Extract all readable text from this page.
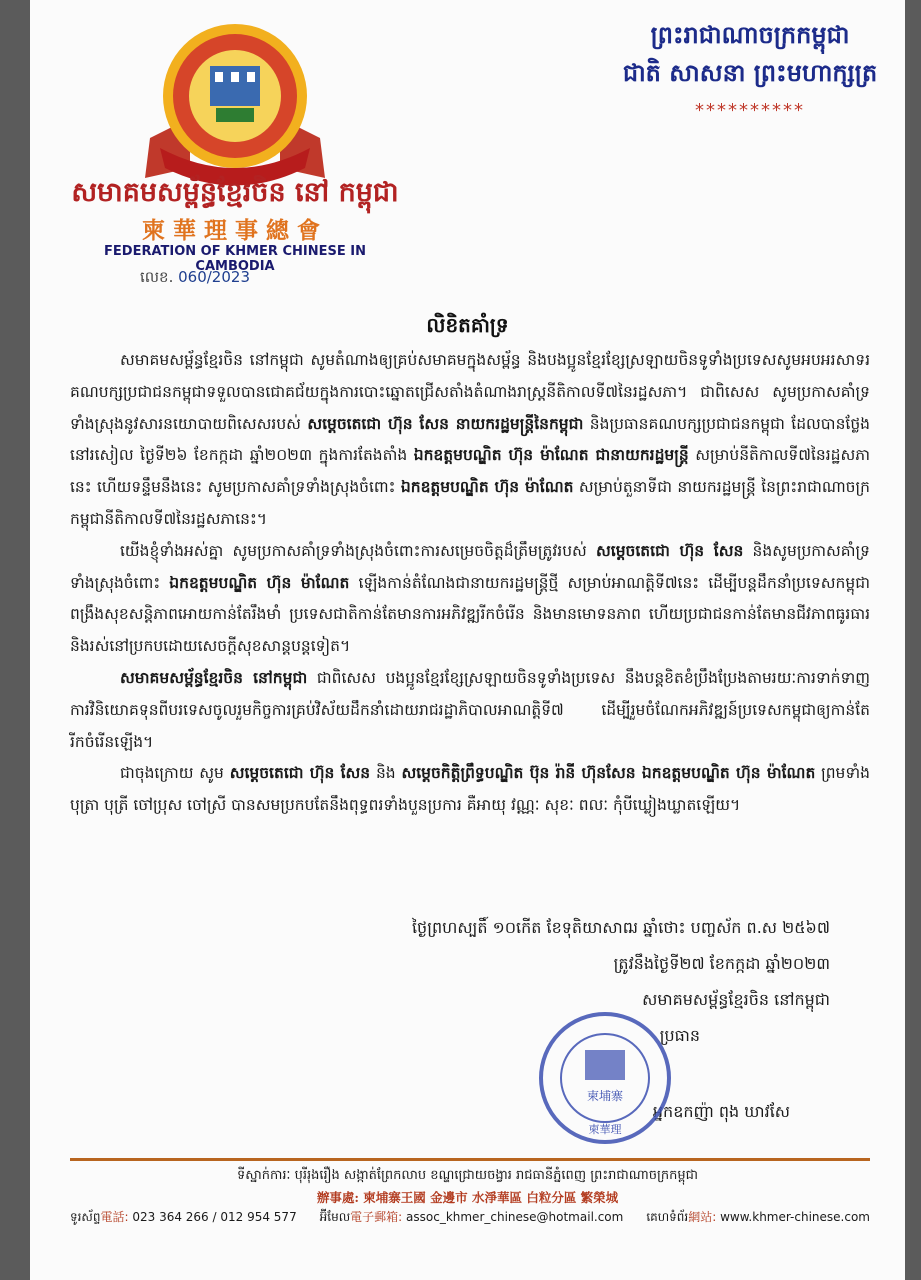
សមាគមសម្ព័ន្ធខ្មែរចិន នៅ កម្ពុជា
柬華理事總會
FEDERATION OF KHMER CHINESE IN CAMBODIA
លេខ. 060/2023
ព្រះរាជាណាចក្រកម្ពុជា
ជាតិ សាសនា ព្រះមហាក្សត្រ
**********
លិខិតគាំទ្រ

សមាគមសម្ព័ន្ធខ្មែរចិន នៅកម្ពុជា សូមតំណាងឲ្យគ្រប់សមាគមក្នុងសម្ព័ន្ធ និងបងប្អូនខ្មែរខ្សែស្រឡាយចិនទូទាំងប្រទេសសូមអបអរសាទរគណបក្សប្រជាជនកម្ពុជាទទួលបានជោគជ័យក្នុងការបោះឆ្នោតជ្រើសតាំងតំណាងរាស្ត្រនីតិកាលទី៧នៃរដ្ឋសភា។ ជាពិសេស សូមប្រកាសគាំទ្រទាំងស្រុងនូវសារនយោបាយពិសេសរបស់ សម្តេចតេជោ ហ៊ុន សែន នាយករដ្ឋមន្ត្រីនៃកម្ពុជា និងប្រធានគណបក្សប្រជាជនកម្ពុជា ដែលបានថ្លែងនៅរសៀល ថ្ងៃទី២៦ ខែកក្កដា ឆ្នាំ២០២៣ ក្នុងការតែងតាំង ឯកឧត្តមបណ្ឌិត ហ៊ុន ម៉ាណែត ជានាយករដ្ឋមន្ត្រី សម្រាប់នីតិកាលទី៧នៃរដ្ឋសភានេះ ហើយទន្ទឹមនឹងនេះ សូមប្រកាសគាំទ្រទាំងស្រុងចំពោះ ឯកឧត្តមបណ្ឌិត ហ៊ុន ម៉ាណែត សម្រាប់តួនាទីជា នាយករដ្ឋមន្ត្រី នៃព្រះរាជាណាចក្រកម្ពុជានីតិកាលទី៧នៃរដ្ឋសភានេះ។

យើងខ្ញុំទាំងអស់គ្នា សូមប្រកាសគាំទ្រទាំងស្រុងចំពោះការសម្រេចចិត្តដ៏ត្រឹមត្រូវរបស់ សម្តេចតេជោ ហ៊ុន សែន និងសូមប្រកាសគាំទ្រទាំងស្រុងចំពោះ ឯកឧត្តមបណ្ឌិត ហ៊ុន ម៉ាណែត ឡើងកាន់តំណែងជានាយករដ្ឋមន្ត្រីថ្មី សម្រាប់អាណត្តិទី៧នេះ ដើម្បីបន្តដឹកនាំប្រទេសកម្ពុជា ពង្រឹងសុខសន្តិភាពអោយកាន់តែរឹងមាំ ប្រទេសជាតិកាន់តែមានការអភិវឌ្ឍរីកចំរើន និងមានមោទនភាព ហើយប្រជាជនកាន់តែមានជីវភាពធូរធារ និងរស់នៅប្រកបដោយសេចក្តីសុខសាន្តបន្តទៀត។

សមាគមសម្ព័ន្ធខ្មែរចិន នៅកម្ពុជា ជាពិសេស បងប្អូនខ្មែរខ្សែស្រឡាយចិនទូទាំងប្រទេស នឹងបន្តខិតខំប្រឹងប្រែងតាមរយៈការទាក់ទាញការវិនិយោគទុនពីបរទេសចូលរួមកិច្ចការគ្រប់វិស័យដឹកនាំដោយរាជរដ្ឋាភិបាលអាណត្តិទី៧ ដើម្បីរួមចំណែកអភិវឌ្ឍន៍ប្រទេសកម្ពុជាឲ្យកាន់តែរីកចំរើនឡើង។

ជាចុងក្រោយ សូម សម្តេចតេជោ ហ៊ុន សែន និង សម្តេចកិត្តិព្រឹទ្ធបណ្ឌិត ប៊ុន រ៉ានី ហ៊ុនសែន ឯកឧត្តមបណ្ឌិត ហ៊ុន ម៉ាណែត ព្រមទាំងបុត្រា បុត្រី ចៅប្រុស ចៅស្រី បានសមប្រកបតែនឹងពុទ្ធពរទាំងបួនប្រការ គឺអាយុ វណ្ណៈ សុខៈ ពលៈ កុំបីឃ្លៀងឃ្លាតឡើយ។

ថ្ងៃព្រហស្បតិ៍ ១០កើត ខែទុតិយាសាឍ ឆ្នាំថោះ បញ្ចស័ក ព.ស ២៥៦៧
ត្រូវនឹងថ្ងៃទី២៧ ខែកក្កដា ឆ្នាំ២០២៣
សមាគមសម្ព័ន្ធខ្មែរចិន នៅកម្ពុជា
ប្រធាន
អ្នកឧកញ៉ា ពុង ឃាវសែ
柬埔寨
柬華理
ទីស្នាក់ការៈ បុរីរុងរឿង សង្កាត់ព្រែកលាប ខណ្ឌជ្រោយចង្វារ រាជធានីភ្នំពេញ ព្រះរាជាណាចក្រកម្ពុជា
辦事處: 柬埔寨王國 金邊市 水淨華區 白粒分區 繁榮城
ទូរស័ព្ទ電話: 023 364 266 / 012 954 577 អ៊ីមែល電子郵箱: assoc_khmer_chinese@hotmail.com គេហទំព័រ網站: www.khmer-chinese.com
